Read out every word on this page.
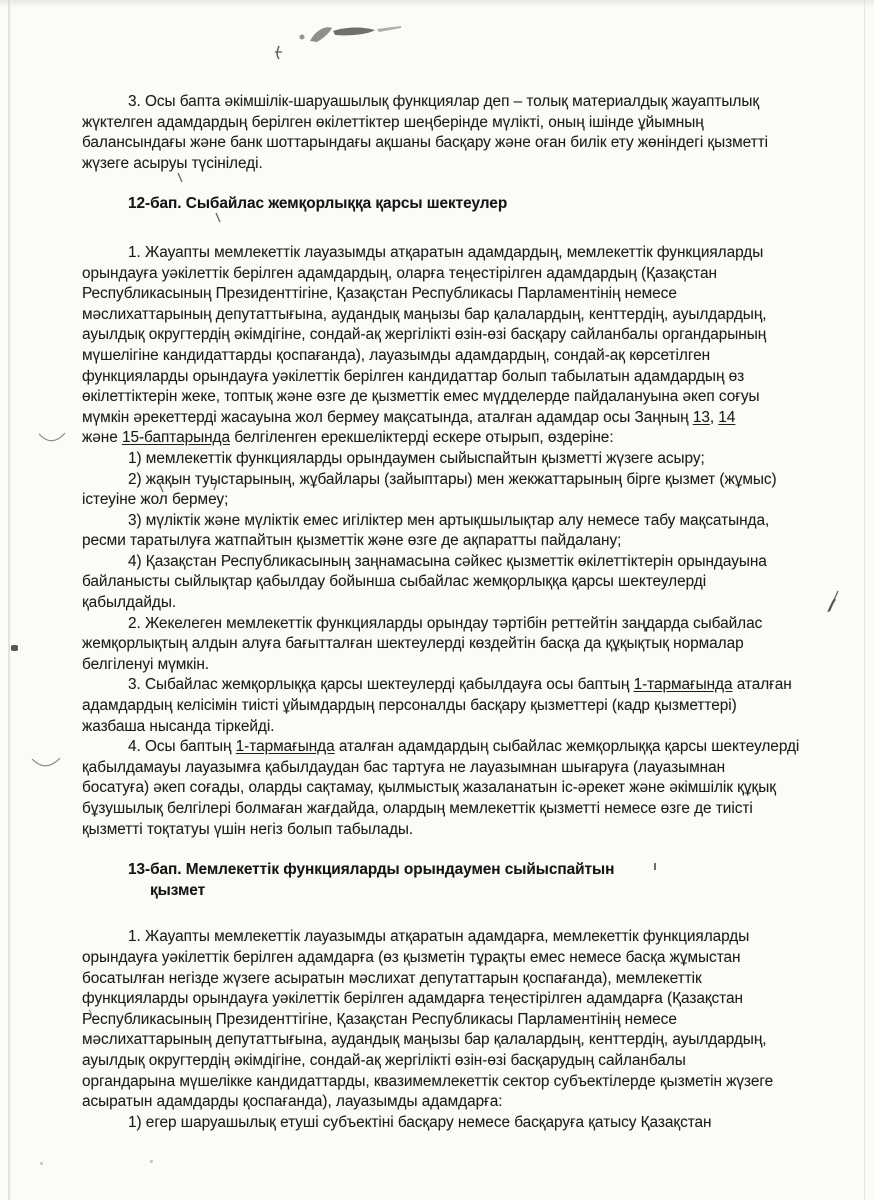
3. Осы бапта әкімшілік-шаруашылық функциялар деп – толық материалдық жауаптылық
жүктелген адамдардың берілген өкілеттіктер шеңберінде мүлікті, оның ішінде ұйымның
балансындағы және банк шоттарындағы ақшаны басқару және оған билік ету жөніндегі қызметті
жүзеге асыруы түсініледі.
12-бап. Сыбайлас жемқорлыққа қарсы шектеулер
1. Жауапты мемлекеттік лауазымды атқаратын адамдардың, мемлекеттік функцияларды
орындауға уәкілеттік берілген адамдардың, оларға теңестірілген адамдардың (Қазақстан
Республикасының Президенттігіне, Қазақстан Республикасы Парламентінің немесе
мәслихаттарының депутаттығына, аудандық маңызы бар қалалардың, кенттердің, ауылдардың,
ауылдық округтердің әкімдігіне, сондай-ақ жергілікті өзін-өзі басқару сайланбалы органдарының
мүшелігіне кандидаттарды қоспағанда), лауазымды адамдардың, сондай-ақ көрсетілген
функцияларды орындауға уәкілеттік берілген кандидаттар болып табылатын адамдардың өз
өкілеттіктерін жеке, топтық және өзге де қызметтік емес мүдделерде пайдалануына әкеп соғуы
мүмкін әрекеттерді жасауына жол бермеу мақсатында, аталған адамдар осы Заңның 13, 14
және 15-баптарында белгіленген ерекшеліктерді ескере отырып, өздеріне:
1) мемлекеттік функцияларды орындаумен сыйыспайтын қызметті жүзеге асыру;
2) жақын туыстарының, жұбайлары (зайыптары) мен жекжаттарының бірге қызмет (жұмыс)
істеуіне жол бермеу;
3) мүліктік және мүліктік емес игіліктер мен артықшылықтар алу немесе табу мақсатында,
ресми таратылуға жатпайтын қызметтік және өзге де ақпаратты пайдалану;
4) Қазақстан Республикасының заңнамасына сәйкес қызметтік өкілеттіктерін орындауына
байланысты сыйлықтар қабылдау бойынша сыбайлас жемқорлыққа қарсы шектеулерді
қабылдайды.
2. Жекелеген мемлекеттік функцияларды орындау тәртібін реттейтін заңдарда сыбайлас
жемқорлықтың алдын алуға бағытталған шектеулерді көздейтін басқа да құқықтық нормалар
белгіленуі мүмкін.
3. Сыбайлас жемқорлыққа қарсы шектеулерді қабылдауға осы баптың 1-тармағында аталған
адамдардың келісімін тиісті ұйымдардың персоналды басқару қызметтері (кадр қызметтері)
жазбаша нысанда тіркейді.
4. Осы баптың 1-тармағында аталған адамдардың сыбайлас жемқорлыққа қарсы шектеулерді
қабылдамауы лауазымға қабылдаудан бас тартуға не лауазымнан шығаруға (лауазымнан
босатуға) әкеп соғады, оларды сақтамау, қылмыстық жазаланатын іс-әрекет және әкімшілік құқық
бұзушылық белгілері болмаған жағдайда, олардың мемлекеттік қызметті немесе өзге де тиісті
қызметті тоқтатуы үшін негіз болып табылады.
13-бап. Мемлекеттік функцияларды орындаумен сыйыспайтын
қызмет
1. Жауапты мемлекеттік лауазымды атқаратын адамдарға, мемлекеттік функцияларды
орындауға уәкілеттік берілген адамдарға (өз қызметін тұрақты емес немесе басқа жұмыстан
босатылған негізде жүзеге асыратын мәслихат депутаттарын қоспағанда), мемлекеттік
функцияларды орындауға уәкілеттік берілген адамдарға теңестірілген адамдарға (Қазақстан
Республикасының Президенттігіне, Қазақстан Республикасы Парламентінің немесе
мәслихаттарының депутаттығына, аудандық маңызы бар қалалардың, кенттердің, ауылдардың,
ауылдық округтердің әкімдігіне, сондай-ақ жергілікті өзін-өзі басқарудың сайланбалы
органдарына мүшелікке кандидаттарды, квазимемлекеттік сектор субъектілерде қызметін жүзеге
асыратын адамдарды қоспағанда), лауазымды адамдарға:
1) егер шаруашылық етуші субъектіні басқару немесе басқаруға қатысу Қазақстан
